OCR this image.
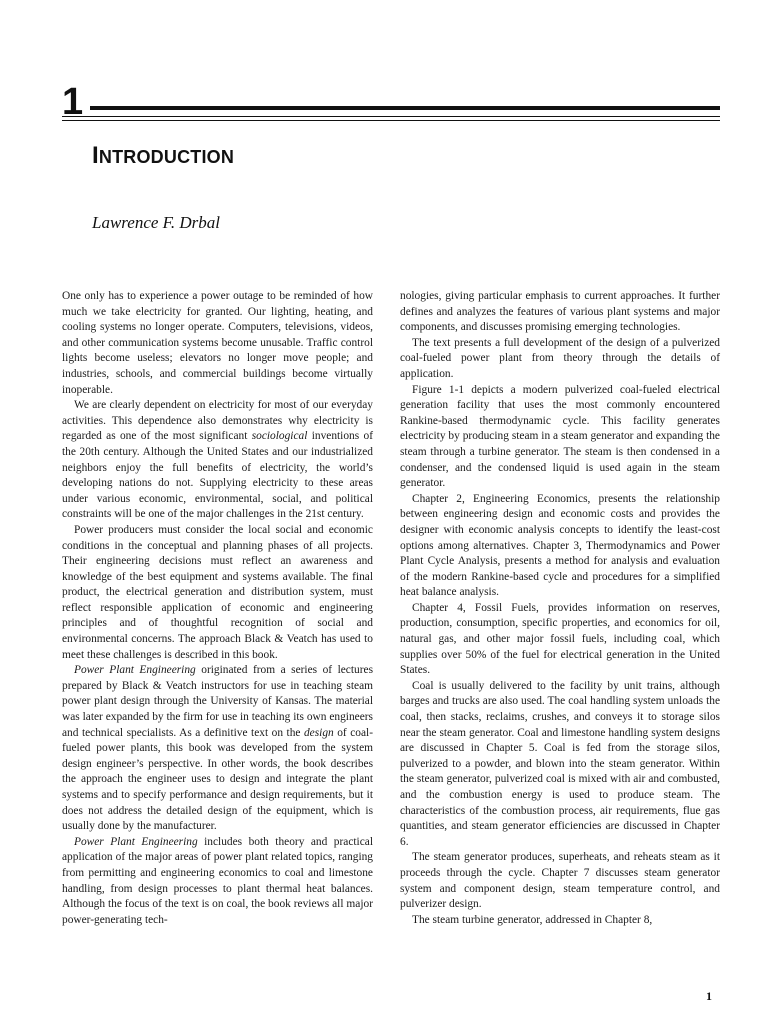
1
INTRODUCTION
Lawrence F. Drbal

One only has to experience a power outage to be reminded of how much we take electricity for granted. Our lighting, heating, and cooling systems no longer operate. Computers, televisions, videos, and other communication systems become unusable. Traffic control lights become useless; elevators no longer move people; and industries, schools, and commercial buildings become virtually inoperable.

We are clearly dependent on electricity for most of our everyday activities. This dependence also demonstrates why electricity is regarded as one of the most significant sociological inventions of the 20th century. Although the United States and our industrialized neighbors enjoy the full benefits of electricity, the world’s developing nations do not. Supplying electricity to these areas under various economic, environmental, social, and political constraints will be one of the major challenges in the 21st century.

Power producers must consider the local social and economic conditions in the conceptual and planning phases of all projects. Their engineering decisions must reflect an awareness and knowledge of the best equipment and systems available. The final product, the electrical generation and distribution system, must reflect responsible application of economic and engineering principles and of thoughtful recognition of social and environmental concerns. The approach Black & Veatch has used to meet these challenges is described in this book.

Power Plant Engineering originated from a series of lectures prepared by Black & Veatch instructors for use in teaching steam power plant design through the University of Kansas. The material was later expanded by the firm for use in teaching its own engineers and technical specialists. As a definitive text on the design of coal-fueled power plants, this book was developed from the system design engineer’s perspective. In other words, the book describes the approach the engineer uses to design and integrate the plant systems and to specify performance and design requirements, but it does not address the detailed design of the equipment, which is usually done by the manufacturer.

Power Plant Engineering includes both theory and practical application of the major areas of power plant related topics, ranging from permitting and engineering economics to coal and limestone handling, from design processes to plant thermal heat balances. Although the focus of the text is on coal, the book reviews all major power-generating tech-

nologies, giving particular emphasis to current approaches. It further defines and analyzes the features of various plant systems and major components, and discusses promising emerging technologies.

The text presents a full development of the design of a pulverized coal-fueled power plant from theory through the details of application.

Figure 1-1 depicts a modern pulverized coal-fueled electrical generation facility that uses the most commonly encountered Rankine-based thermodynamic cycle. This facility generates electricity by producing steam in a steam generator and expanding the steam through a turbine generator. The steam is then condensed in a condenser, and the condensed liquid is used again in the steam generator.

Chapter 2, Engineering Economics, presents the relationship between engineering design and economic costs and provides the designer with economic analysis concepts to identify the least-cost options among alternatives. Chapter 3, Thermodynamics and Power Plant Cycle Analysis, presents a method for analysis and evaluation of the modern Rankine-based cycle and procedures for a simplified heat balance analysis.

Chapter 4, Fossil Fuels, provides information on reserves, production, consumption, specific properties, and economics for oil, natural gas, and other major fossil fuels, including coal, which supplies over 50% of the fuel for electrical generation in the United States.

Coal is usually delivered to the facility by unit trains, although barges and trucks are also used. The coal handling system unloads the coal, then stacks, reclaims, crushes, and conveys it to storage silos near the steam generator. Coal and limestone handling system designs are discussed in Chapter 5. Coal is fed from the storage silos, pulverized to a powder, and blown into the steam generator. Within the steam generator, pulverized coal is mixed with air and combusted, and the combustion energy is used to produce steam. The characteristics of the combustion process, air requirements, flue gas quantities, and steam generator efficiencies are discussed in Chapter 6.

The steam generator produces, superheats, and reheats steam as it proceeds through the cycle. Chapter 7 discusses steam generator system and component design, steam temperature control, and pulverizer design.

The steam turbine generator, addressed in Chapter 8,

1
